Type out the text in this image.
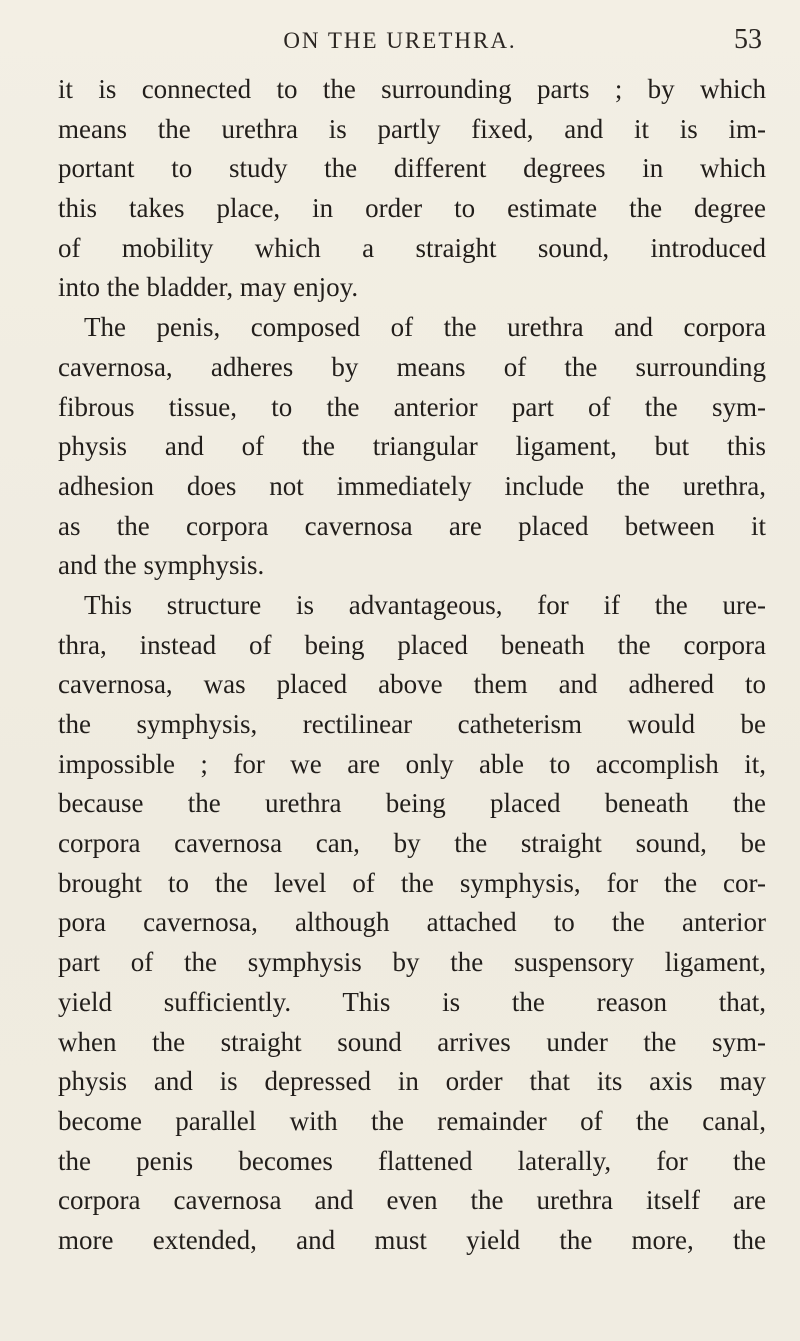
ON THE URETHRA.	53
it is connected to the surrounding parts ; by which
means the urethra is partly fixed, and it is im-
portant to study the different degrees in which
this takes place, in order to estimate the degree
of mobility which a straight sound, introduced
into the bladder, may enjoy.
The penis, composed of the urethra and corpora
cavernosa, adheres by means of the surrounding
fibrous tissue, to the anterior part of the sym-
physis and of the triangular ligament, but this
adhesion does not immediately include the urethra,
as the corpora cavernosa are placed between it
and the symphysis.
This structure is advantageous, for if the ure-
thra, instead of being placed beneath the corpora
cavernosa, was placed above them and adhered to
the symphysis, rectilinear catheterism would be
impossible ; for we are only able to accomplish it,
because the urethra being placed beneath the
corpora cavernosa can, by the straight sound, be
brought to the level of the symphysis, for the cor-
pora cavernosa, although attached to the anterior
part of the symphysis by the suspensory ligament,
yield sufficiently. This is the reason that,
when the straight sound arrives under the sym-
physis and is depressed in order that its axis may
become parallel with the remainder of the canal,
the penis becomes flattened laterally, for the
corpora cavernosa and even the urethra itself are
more extended, and must yield the more, the
